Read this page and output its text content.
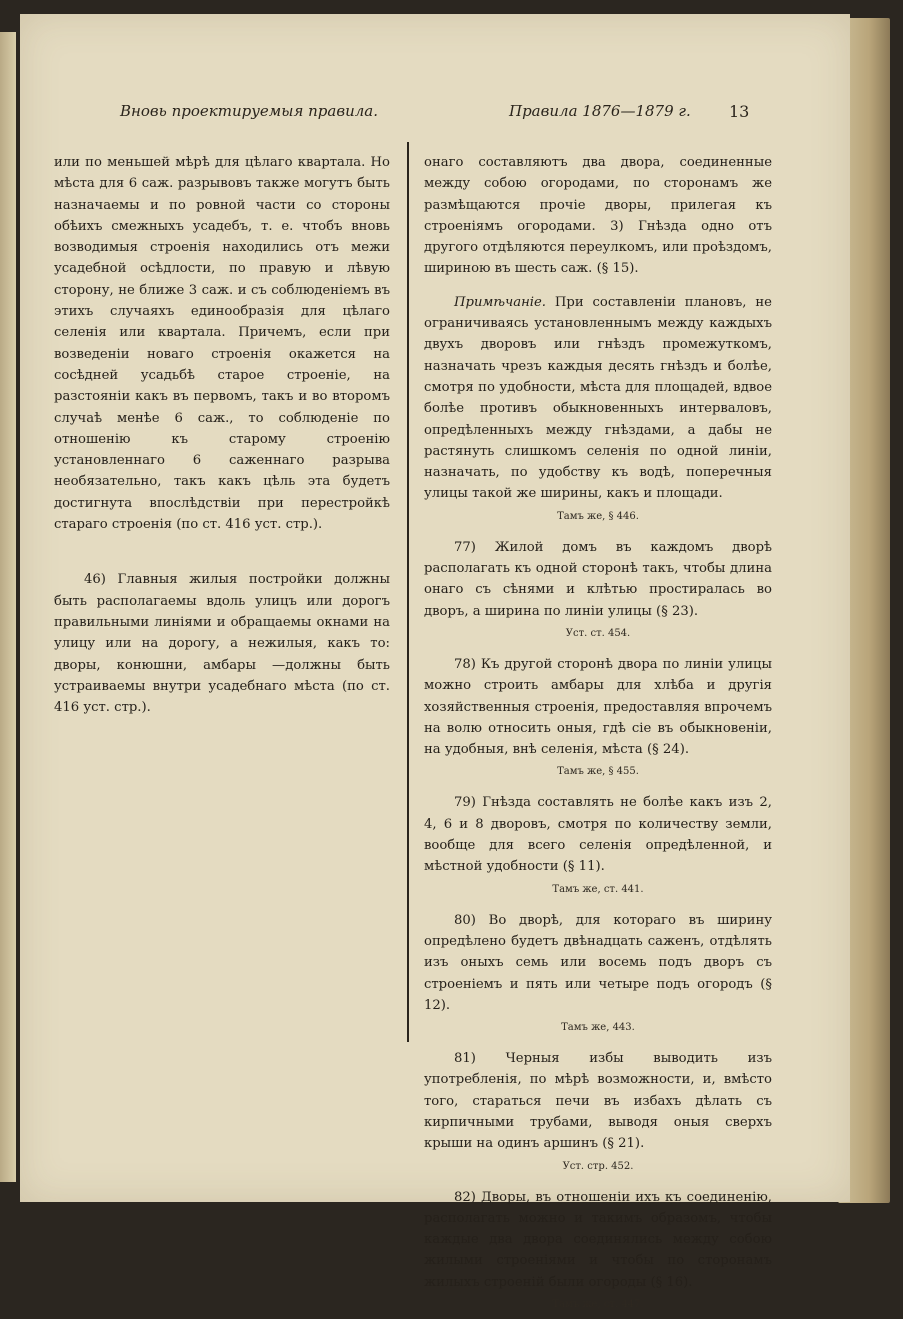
Вновь проектируемыя правила.	Правила 1876—1879 г. 13

или по меньшей мѣрѣ для цѣлаго квартала. Но мѣста для 6 саж. разрывовъ также могутъ быть назначаемы и по ровной части со стороны обѣихъ смежныхъ усадебъ, т. е. чтобъ вновь возводимыя строенія находились отъ межи усадебной осѣдлости, по правую и лѣвую сторону, не ближе 3 саж. и съ соблюденіемъ въ этихъ случаяхъ единообразія для цѣлаго селенія или квартала. Причемъ, если при возведеніи новаго строенія окажется на сосѣдней усадьбѣ старое строеніе, на разстояніи какъ въ первомъ, такъ и во второмъ случаѣ менѣе 6 саж., то соблюденіе по отношенію къ старому строенію установленнаго 6 саженнаго разрыва необязательно, такъ какъ цѣль эта будетъ достигнута впослѣдствіи при перестройкѣ стараго строенія (по ст. 416 уст. стр.).

46) Главныя жилыя постройки должны быть располагаемы вдоль улицъ или дорогъ правильными линіями и обращаемы окнами на улицу или на дорогу, а нежилыя, какъ то: дворы, конюшни, амбары —должны быть устраиваемы внутри усадебнаго мѣста (по ст. 416 уст. стр.).

онаго составляютъ два двора, соединенные между собою огородами, по сторонамъ же размѣщаются прочіе дворы, прилегая къ строеніямъ огородами. 3) Гнѣзда одно отъ другого отдѣляются переулкомъ, или проѣздомъ, шириною въ шесть саж. (§ 15).

Примѣчаніе. При составленіи плановъ, не ограничиваясь установленнымъ между каждыхъ двухъ дворовъ или гнѣздъ промежуткомъ, назначать чрезъ каждыя десять гнѣздъ и болѣе, смотря по удобности, мѣста для площадей, вдвое болѣе противъ обыкновенныхъ интерваловъ, опредѣленныхъ между гнѣздами, а дабы не растянуть слишкомъ селенія по одной линіи, назначать, по удобству къ водѣ, поперечныя улицы такой же ширины, какъ и площади.

Тамъ же, § 446.

77) Жилой домъ въ каждомъ дворѣ располагать къ одной сторонѣ такъ, чтобы длина онаго съ сѣнями и клѣтью простиралась во дворъ, а ширина по линіи улицы (§ 23).

Уст. ст. 454.

78) Къ другой сторонѣ двора по линіи улицы можно строить амбары для хлѣба и другія хозяйственныя строенія, предоставляя впрочемъ на волю относить оныя, гдѣ сіе въ обыкновеніи, на удобныя, внѣ селенія, мѣста (§ 24).

Тамъ же, § 455.

79) Гнѣзда составлять не болѣе какъ изъ 2, 4, 6 и 8 дворовъ, смотря по количеству земли, вообще для всего селенія опредѣленной, и мѣстной удобности (§ 11).

Тамъ же, ст. 441.

80) Во дворѣ, для котораго въ ширину опредѣлено будетъ двѣнадцать саженъ, отдѣлять изъ оныхъ семь или восемь подъ дворъ съ строеніемъ и пять или четыре подъ огородъ (§ 12).

Тамъ же, 443.

81) Черныя избы выводить изъ употребленія, по мѣрѣ возможности, и, вмѣсто того, стараться печи въ избахъ дѣлать съ кирпичными трубами, выводя оныя сверхъ крыши на одинъ аршинъ (§ 21).

Уст. стр. 452.

82) Дворы, въ отношеніи ихъ къ соединенію, располагать можно и такимъ образомъ, чтобы каждые два двора соединялись между собою жилыми строеніями и чтобы по сторонамъ жилыхъ строеній были огороды (§ 16).

Тамъ же, ст. 447.
